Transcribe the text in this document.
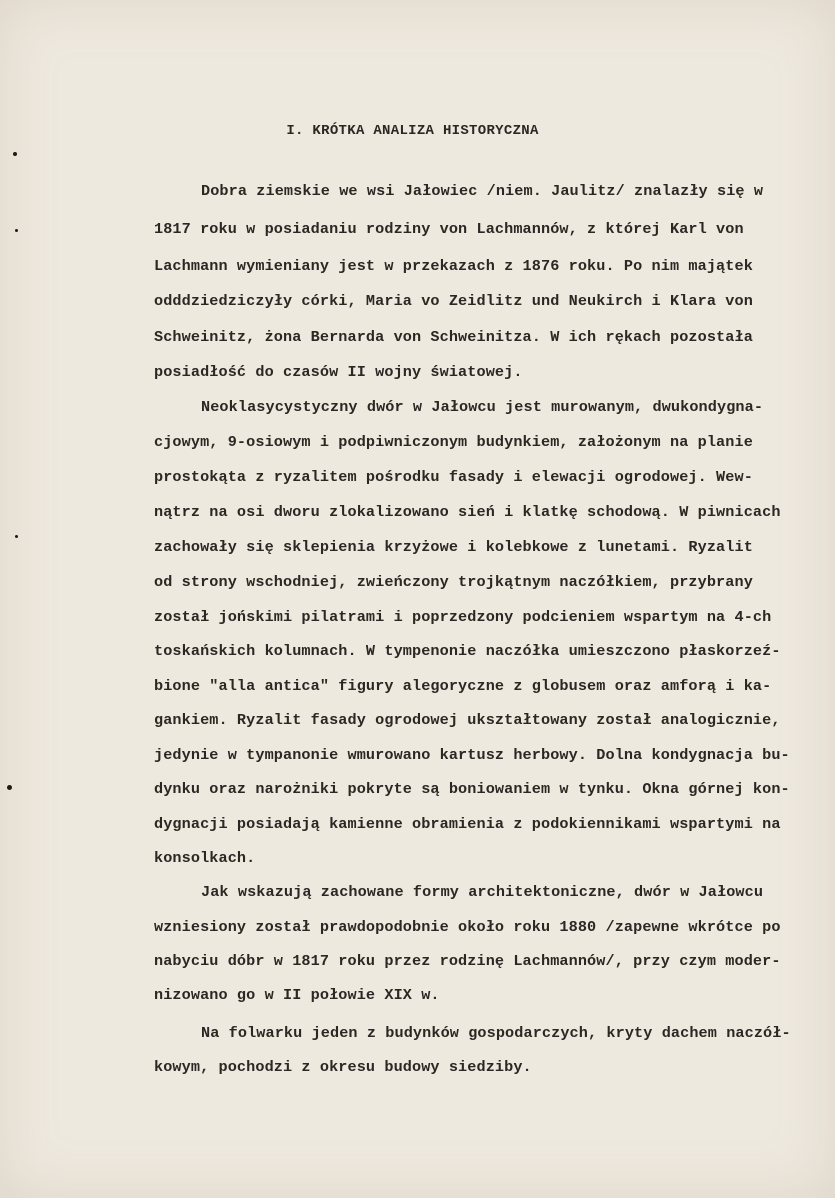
I. KRÓTKA ANALIZA HISTORYCZNA
Dobra ziemskie we wsi Jałowiec /niem. Jaulitz/ znalazły się w
1817 roku w posiadaniu rodziny von Lachmannów, z której Karl von
Lachmann wymieniany jest w przekazach z 1876 roku. Po nim majątek
odddziedziczyły córki, Maria vo Zeidlitz und Neukirch i Klara von
Schweinitz, żona Bernarda von Schweinitza. W ich rękach pozostała
posiadłość do czasów II wojny światowej.
Neoklasycystyczny dwór w Jałowcu jest murowanym, dwukondygna-
cjowym, 9-osiowym i podpiwniczonym budynkiem, założonym na planie
prostokąta z ryzalitem pośrodku fasady i elewacji ogrodowej. Wew-
nątrz na osi dworu zlokalizowano sień i klatkę schodową. W piwnicach
zachowały się sklepienia krzyżowe i kolebkowe z lunetami. Ryzalit
od strony wschodniej, zwieńczony trojkątnym naczółkiem, przybrany
został jońskimi pilatrami i poprzedzony podcieniem wspartym na 4-ch
toskańskich kolumnach. W tympenonie naczółka umieszczono płaskorzeź-
bione "alla antica" figury alegoryczne z globusem oraz amforą i ka-
gankiem. Ryzalit fasady ogrodowej ukształtowany został analogicznie,
jedynie w tympanonie wmurowano kartusz herbowy. Dolna kondygnacja bu-
dynku oraz narożniki pokryte są boniowaniem w tynku. Okna górnej kon-
dygnacji posiadają kamienne obramienia z podokiennikami wspartymi na
konsolkach.
Jak wskazują zachowane formy architektoniczne, dwór w Jałowcu
wzniesiony został prawdopodobnie około roku 1880 /zapewne wkrótce po
nabyciu dóbr w 1817 roku przez rodzinę Lachmannów/, przy czym moder-
nizowano go w II połowie XIX w.
Na folwarku jeden z budynków gospodarczych, kryty dachem naczół-
kowym, pochodzi z okresu budowy siedziby.
